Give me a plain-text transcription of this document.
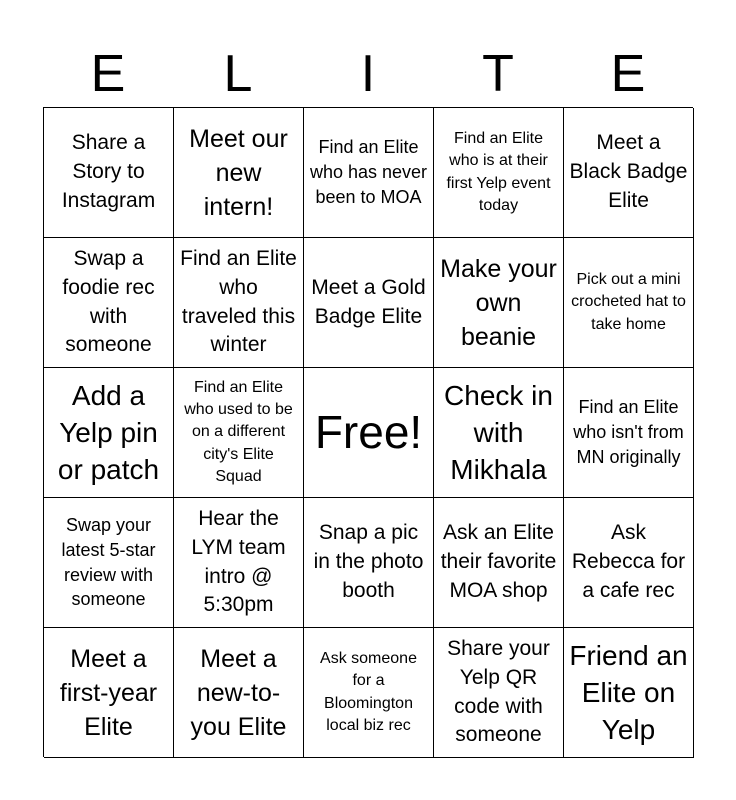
E	L	I	T	E
Share a Story to Instagram
Meet our new intern!
Find an Elite who has never been to MOA
Find an Elite who is at their first Yelp event today
Meet a Black Badge Elite
Swap a foodie rec with someone
Find an Elite who traveled this winter
Meet a Gold Badge Elite
Make your own beanie
Pick out a mini crocheted hat to take home
Add a Yelp pin or patch
Find an Elite who used to be on a different city's Elite Squad
Free!
Check in with Mikhala
Find an Elite who isn't from MN originally
Swap your latest 5-star review with someone
Hear the LYM team intro @ 5:30pm
Snap a pic in the photo booth
Ask an Elite their favorite MOA shop
Ask Rebecca for a cafe rec
Meet a first-year Elite
Meet a new-to-you Elite
Ask someone for a Bloomington local biz rec
Share your Yelp QR code with someone
Friend an Elite on Yelp
